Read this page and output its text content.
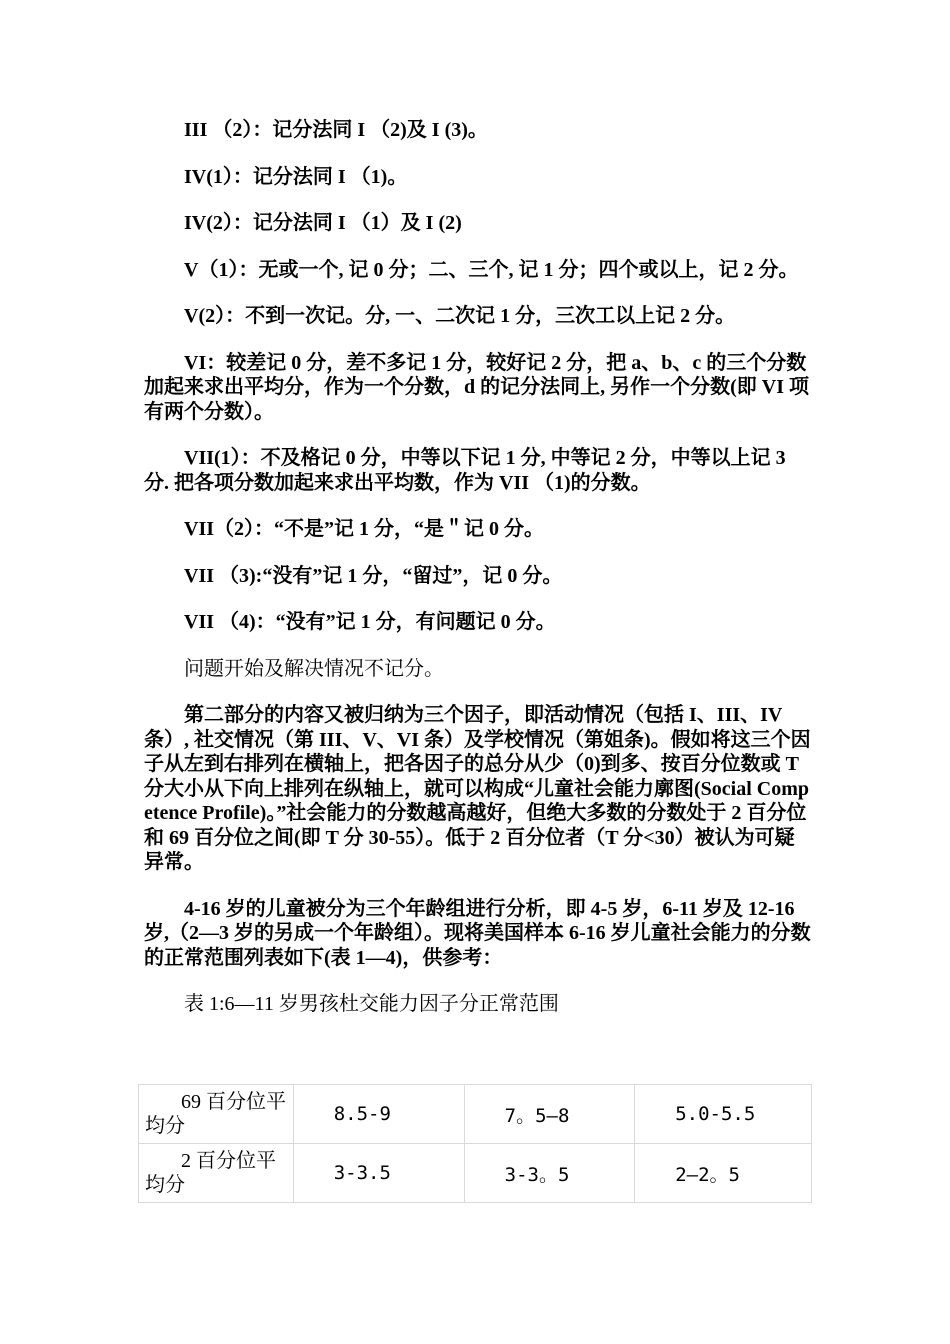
III （2）：记分法同 I （2)及 I (3)。

IV(1）：记分法同 I （1)。

IV(2）：记分法同 I （1）及 I (2)

V（1）：无或一个, 记 0 分；二、三个, 记 1 分；四个或以上，记 2 分。

V(2）：不到一次记。分, 一、二次记 1 分，三次工以上记 2 分。

VI：较差记 0 分，差不多记 1 分，较好记 2 分，把 a、b、c 的三个分数加起来求出平均分，作为一个分数，d 的记分法同上, 另作一个分数(即 VI 项有两个分数）。

VII(1）：不及格记 0 分，中等以下记 1 分, 中等记 2 分，中等以上记 3 分. 把各项分数加起来求出平均数，作为 VII （1)的分数。

VII（2）：“不是”记 1 分，“是＂记 0 分。

VII （3):“没有”记 1 分，“留过”，记 0 分。

VII （4)：“没有”记 1 分，有问题记 0 分。

问题开始及解决情况不记分。

第二部分的内容又被归纳为三个因子，即活动情况（包括 I、III、IV 条）, 社交情况（第 III、V、VI 条）及学校情况（第姐条)。假如将这三个因子从左到右排列在横轴上，把各因子的总分从少（0)到多、按百分位数或 T 分大小从下向上排列在纵轴上，就可以构成“儿童社会能力廓图(Social Competence Profile)。”社会能力的分数越高越好，但绝大多数的分数处于 2 百分位和 69 百分位之间(即 T 分 30-55）。低于 2 百分位者（T 分<30）被认为可疑异常。

4-16 岁的儿童被分为三个年龄组进行分析，即 4-5 岁，6-11 岁及 12-16 岁,（2—3 岁的另成一个年龄组）。现将美国样本 6-16 岁儿童社会能力的分数的正常范围列表如下(表 1—4)，供参考：

表 1:6—11 岁男孩杜交能力因子分正常范围

69 百分位平均分	8.5-9	7。5—8	5.0-5.5
2 百分位平均分	3-3.5	3-3。5	2—2。5
